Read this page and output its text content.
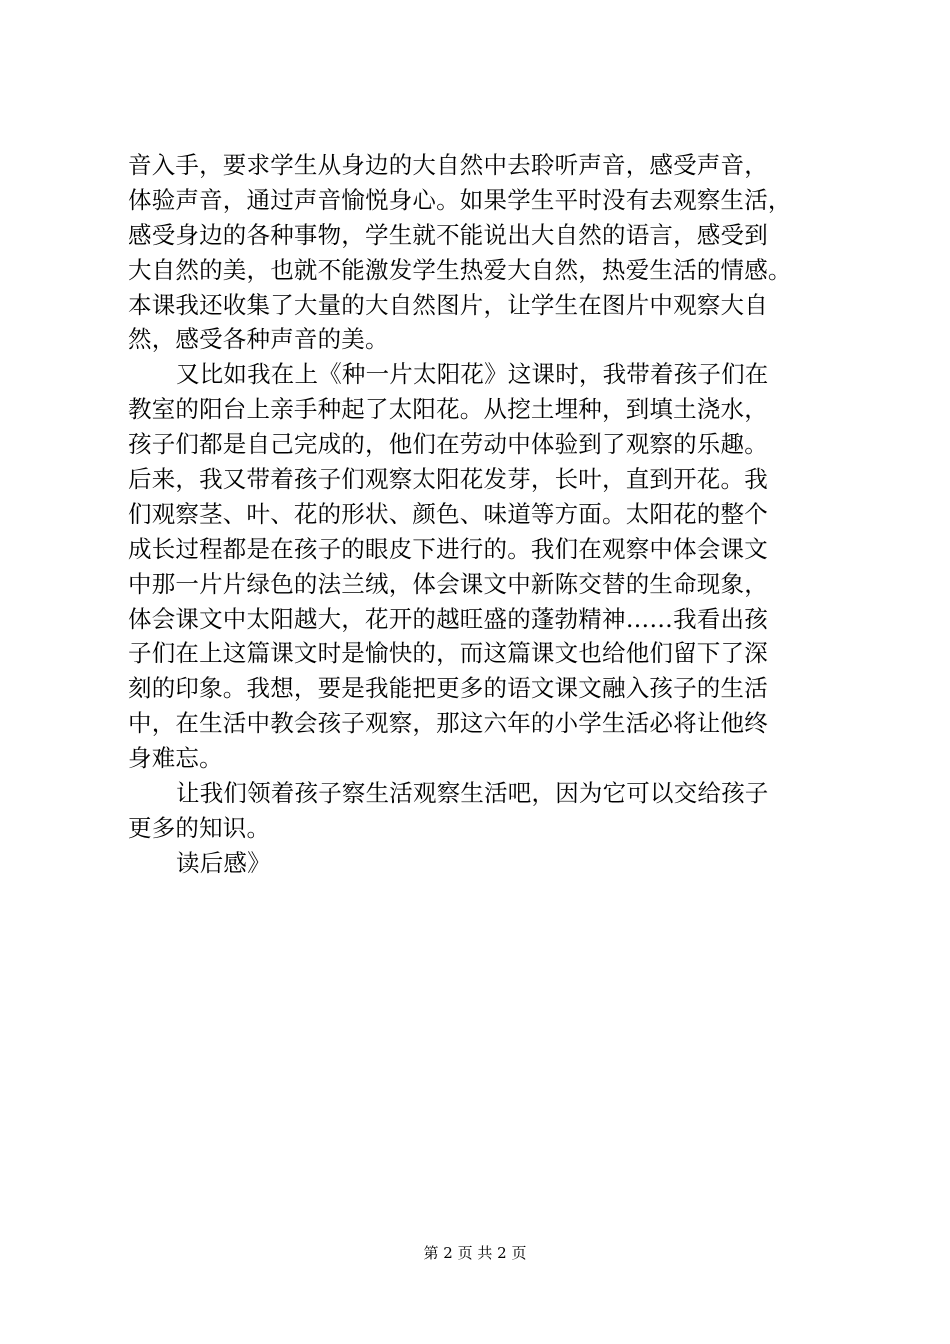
音入手，要求学生从身边的大自然中去聆听声音，感受声音，
体验声音，通过声音愉悦身心。如果学生平时没有去观察生活，
感受身边的各种事物，学生就不能说出大自然的语言，感受到
大自然的美，也就不能激发学生热爱大自然，热爱生活的情感。
本课我还收集了大量的大自然图片，让学生在图片中观察大自
然，感受各种声音的美。
又比如我在上《种一片太阳花》这课时，我带着孩子们在
教室的阳台上亲手种起了太阳花。从挖土埋种，到填土浇水，
孩子们都是自己完成的，他们在劳动中体验到了观察的乐趣。
后来，我又带着孩子们观察太阳花发芽，长叶，直到开花。我
们观察茎、叶、花的形状、颜色、味道等方面。太阳花的整个
成长过程都是在孩子的眼皮下进行的。我们在观察中体会课文
中那一片片绿色的法兰绒，体会课文中新陈交替的生命现象，
体会课文中太阳越大，花开的越旺盛的蓬勃精神……我看出孩
子们在上这篇课文时是愉快的，而这篇课文也给他们留下了深
刻的印象。我想，要是我能把更多的语文课文融入孩子的生活
中，在生活中教会孩子观察，那这六年的小学生活必将让他终
身难忘。
让我们领着孩子察生活观察生活吧，因为它可以交给孩子
更多的知识。
读后感》
第 2 页 共 2 页
